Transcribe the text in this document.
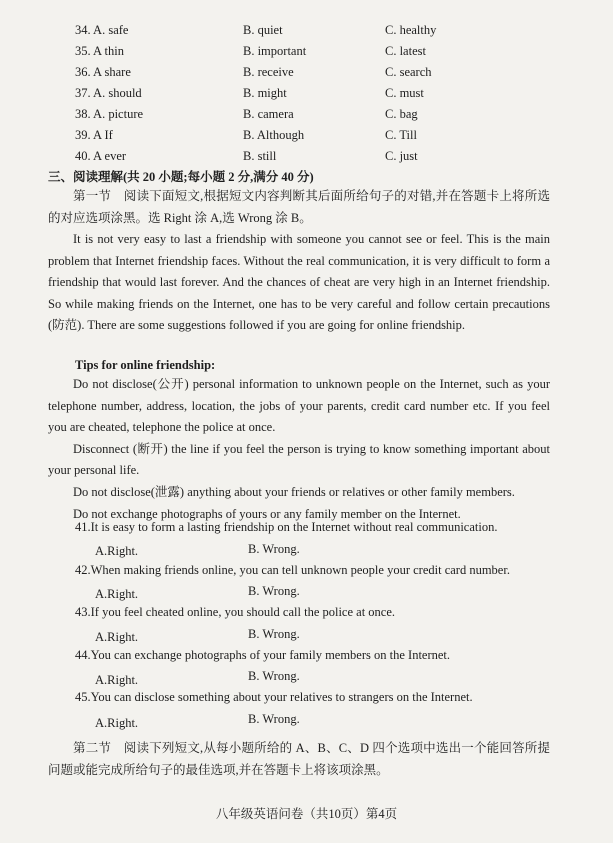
34. A. safe	B. quiet	C. healthy
35. A thin	B. important	C. latest
36. A share	B. receive	C. search
37. A. should	B. might	C. must
38. A. picture	B. camera	C. bag
39. A If	B. Although	C. Till
40. A ever	B. still	C. just
三、阅读理解(共 20 小题;每小题 2 分,满分 40 分)

第一节　阅读下面短文,根据短文内容判断其后面所给句子的对错,并在答题卡上将所选的对应选项涂黑。选 Right 涂 A,选 Wrong 涂 B。

It is not very easy to last a friendship with someone you cannot see or feel. This is the main problem that Internet friendship faces. Without the real communication, it is very difficult to form a friendship that would last forever. And the chances of cheat are very high in an Internet friendship. So while making friends on the Internet, one has to be very careful and follow certain precautions (防范). There are some suggestions followed if you are going for online friendship.

Tips for online friendship:

Do not disclose(公开) personal information to unknown people on the Internet, such as your telephone number, address, location, the jobs of your parents, credit card number etc. If you feel you are cheated, telephone the police at once.

Disconnect (断开) the line if you feel the person is trying to know something important about your personal life.

Do not disclose(泄露) anything about your friends or relatives or other family members.

Do not exchange photographs of yours or any family member on the Internet.

41.It is easy to form a lasting friendship on the Internet without real communication.
A.Right.	B. Wrong.
42.When making friends online, you can tell unknown people your credit card number.
A.Right.	B. Wrong.
43.If you feel cheated online, you should call the police at once.
A.Right.	B. Wrong.
44.You can exchange photographs of your family members on the Internet.
A.Right.	B. Wrong.
45.You can disclose something about your relatives to strangers on the Internet.
A.Right.	B. Wrong.

第二节　阅读下列短文,从每小题所给的 A、B、C、D 四个选项中选出一个能回答所提问题或能完成所给句子的最佳选项,并在答题卡上将该项涂黑。

八年级英语问卷（共10页）第4页
